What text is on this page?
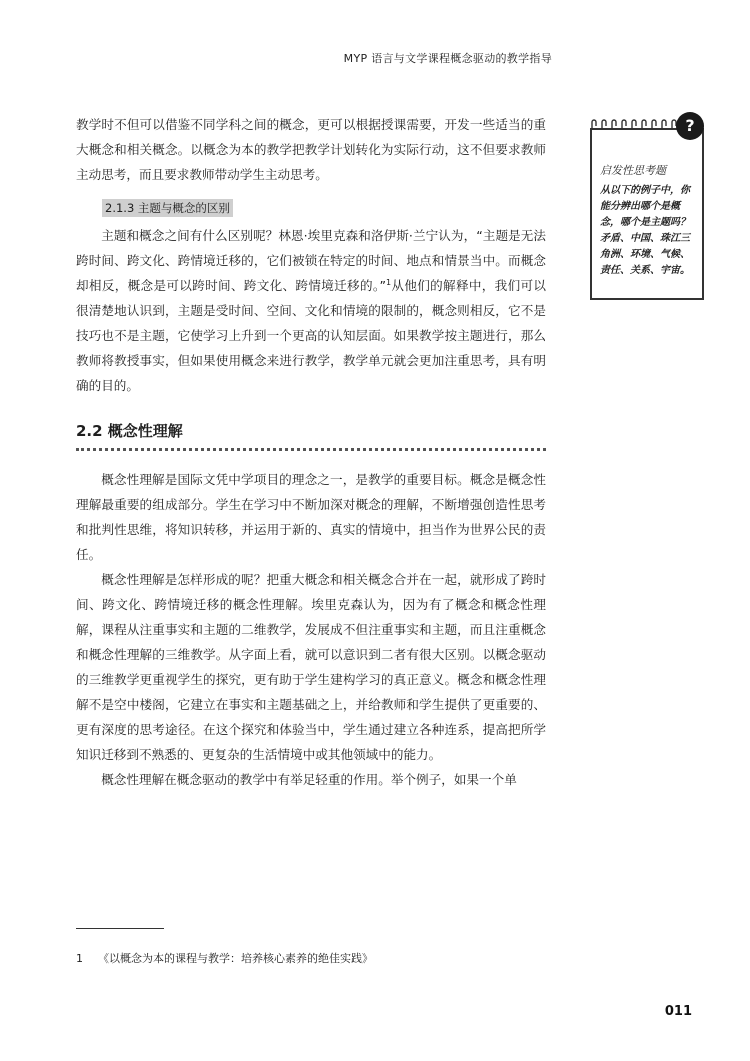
MYP 语言与文学课程概念驱动的教学指导

教学时不但可以借鉴不同学科之间的概念，更可以根据授课需要，开发一些适当的重大概念和相关概念。以概念为本的教学把教学计划转化为实际行动，这不但要求教师主动思考，而且要求教师带动学生主动思考。

2.1.3 主题与概念的区别

主题和概念之间有什么区别呢？林恩·埃里克森和洛伊斯·兰宁认为，“主题是无法跨时间、跨文化、跨情境迁移的，它们被锁在特定的时间、地点和情景当中。而概念却相反，概念是可以跨时间、跨文化、跨情境迁移的。”$^1$从他们的解释中，我们可以很清楚地认识到，主题是受时间、空间、文化和情境的限制的，概念则相反，它不是技巧也不是主题，它使学习上升到一个更高的认知层面。如果教学按主题进行，那么教师将教授事实，但如果使用概念来进行教学，教学单元就会更加注重思考，具有明确的目的。

2.2 概念性理解

概念性理解是国际文凭中学项目的理念之一，是教学的重要目标。概念是概念性理解最重要的组成部分。学生在学习中不断加深对概念的理解，不断增强创造性思考和批判性思维，将知识转移，并运用于新的、真实的情境中，担当作为世界公民的责任。

概念性理解是怎样形成的呢？把重大概念和相关概念合并在一起，就形成了跨时间、跨文化、跨情境迁移的概念性理解。埃里克森认为，因为有了概念和概念性理解，课程从注重事实和主题的二维教学，发展成不但注重事实和主题，而且注重概念和概念性理解的三维教学。从字面上看，就可以意识到二者有很大区别。以概念驱动的三维教学更重视学生的探究，更有助于学生建构学习的真正意义。概念和概念性理解不是空中楼阁，它建立在事实和主题基础之上，并给教师和学生提供了更重要的、更有深度的思考途径。在这个探究和体验当中，学生通过建立各种连系，提高把所学知识迁移到不熟悉的、更复杂的生活情境中或其他领域中的能力。

概念性理解在概念驱动的教学中有举足轻重的作用。举个例子，如果一个单

?
启发性思考题
从以下的例子中，你能分辨出哪个是概念，哪个是主题吗？矛盾、中国、珠江三角洲、环境、气候、责任、关系、宇宙。
1 《以概念为本的课程与教学：培养核心素养的绝佳实践》
011
